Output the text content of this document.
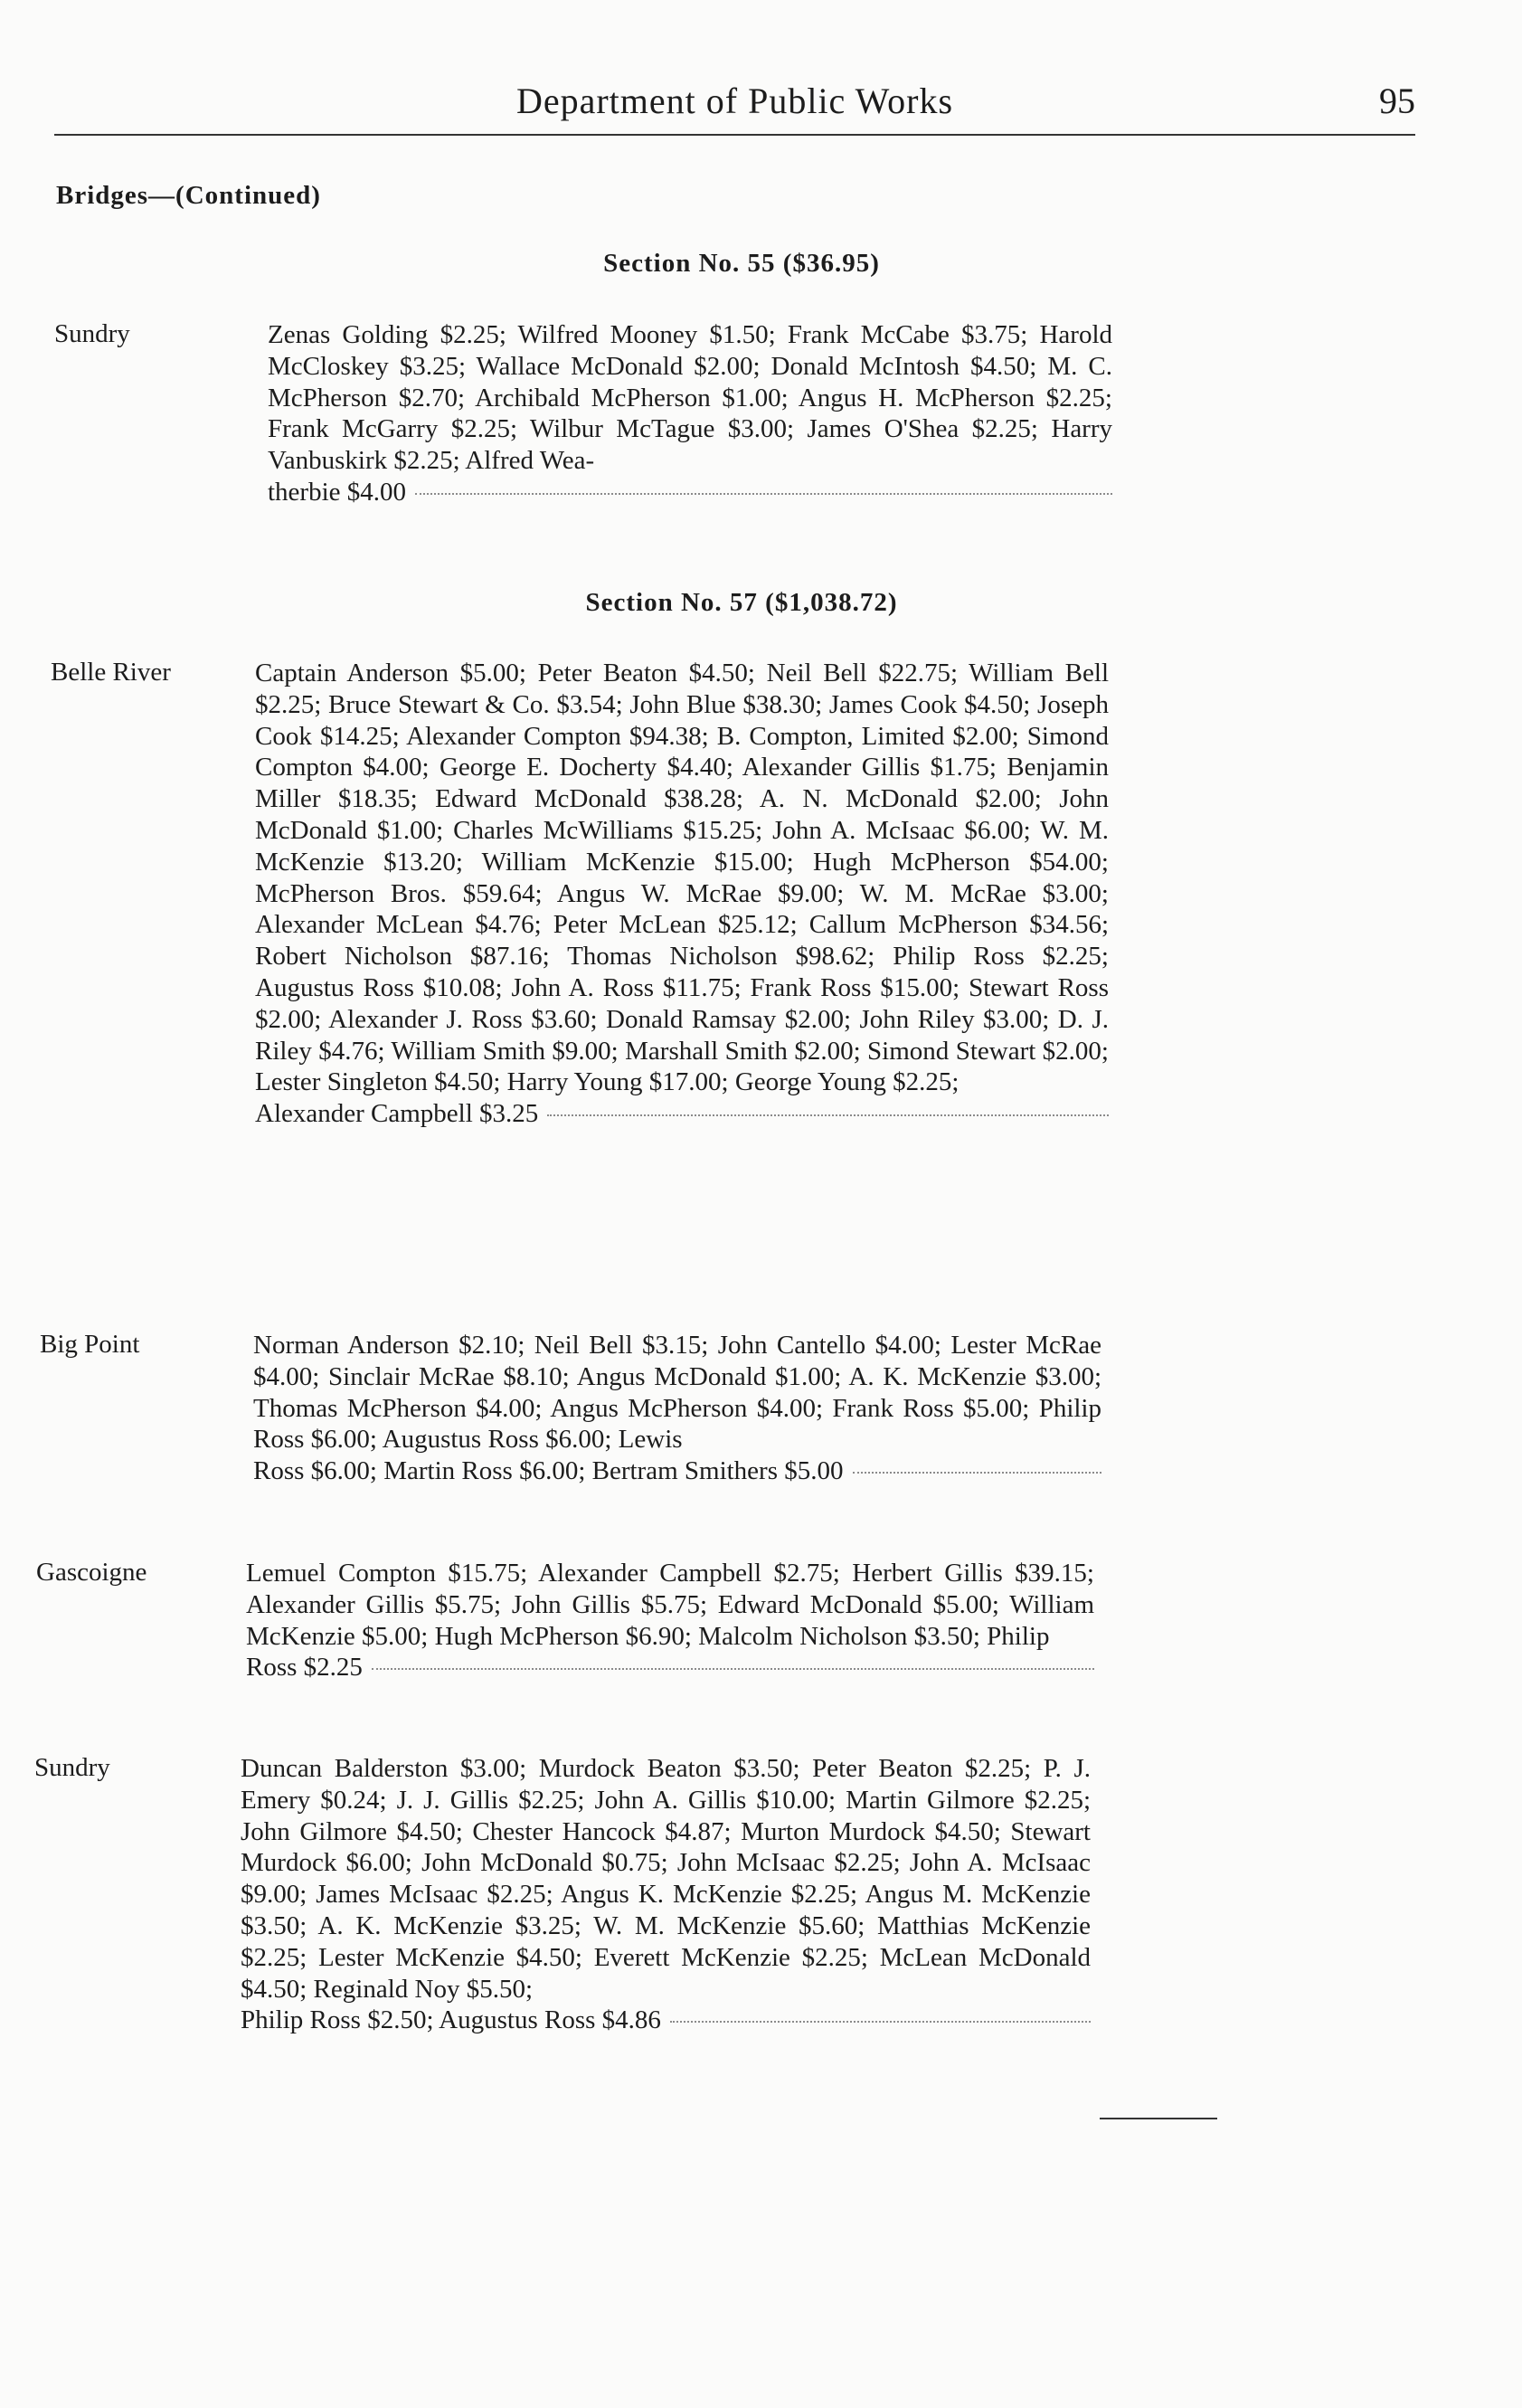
Department of Public Works	95
Bridges—(Continued)
Section No. 55 ($36.95)
Sundry	Zenas Golding $2.25; Wilfred Mooney $1.50; Frank McCabe $3.75; Harold McCloskey $3.25; Wallace McDonald $2.00; Donald McIntosh $4.50; M. C. McPherson $2.70; Archibald McPherson $1.00; Angus H. McPherson $2.25; Frank McGarry $2.25; Wilbur McTague $3.00; James O'Shea $2.25; Harry Vanbuskirk $2.25; Alfred Wea-
therbie $4.00
Section No. 57 ($1,038.72)
Belle River	Captain Anderson $5.00; Peter Beaton $4.50; Neil Bell $22.75; William Bell $2.25; Bruce Stewart & Co. $3.54; John Blue $38.30; James Cook $4.50; Joseph Cook $14.25; Alexander Compton $94.38; B. Compton, Limited $2.00; Simond Compton $4.00; George E. Docherty $4.40; Alexander Gillis $1.75; Benjamin Miller $18.35; Edward McDonald $38.28; A. N. McDonald $2.00; John McDonald $1.00; Charles McWilliams $15.25; John A. McIsaac $6.00; W. M. McKenzie $13.20; William McKenzie $15.00; Hugh McPherson $54.00; McPherson Bros. $59.64; Angus W. McRae $9.00; W. M. McRae $3.00; Alexander McLean $4.76; Peter McLean $25.12; Callum McPherson $34.56; Robert Nicholson $87.16; Thomas Nicholson $98.62; Philip Ross $2.25; Augustus Ross $10.08; John A. Ross $11.75; Frank Ross $15.00; Stewart Ross $2.00; Alexander J. Ross $3.60; Donald Ramsay $2.00; John Riley $3.00; D. J. Riley $4.76; William Smith $9.00; Marshall Smith $2.00; Simond Stewart $2.00; Lester Singleton $4.50; Harry Young $17.00; George Young $2.25;
Alexander Campbell $3.25
Big Point	Norman Anderson $2.10; Neil Bell $3.15; John Cantello $4.00; Lester McRae $4.00; Sinclair McRae $8.10; Angus McDonald $1.00; A. K. McKenzie $3.00; Thomas McPherson $4.00; Angus McPherson $4.00; Frank Ross $5.00; Philip Ross $6.00; Augustus Ross $6.00; Lewis
Ross $6.00; Martin Ross $6.00; Bertram Smithers $5.00
Gascoigne	Lemuel Compton $15.75; Alexander Campbell $2.75; Herbert Gillis $39.15; Alexander Gillis $5.75; John Gillis $5.75; Edward McDonald $5.00; William McKenzie $5.00; Hugh McPherson $6.90; Malcolm Nicholson $3.50; Philip
Ross $2.25
Sundry	Duncan Balderston $3.00; Murdock Beaton $3.50; Peter Beaton $2.25; P. J. Emery $0.24; J. J. Gillis $2.25; John A. Gillis $10.00; Martin Gilmore $2.25; John Gilmore $4.50; Chester Hancock $4.87; Murton Murdock $4.50; Stewart Murdock $6.00; John McDonald $0.75; John McIsaac $2.25; John A. McIsaac $9.00; James McIsaac $2.25; Angus K. McKenzie $2.25; Angus M. McKenzie $3.50; A. K. McKenzie $3.25; W. M. McKenzie $5.60; Matthias McKenzie $2.25; Lester McKenzie $4.50; Everett McKenzie $2.25; McLean McDonald $4.50; Reginald Noy $5.50;
Philip Ross $2.50; Augustus Ross $4.86
